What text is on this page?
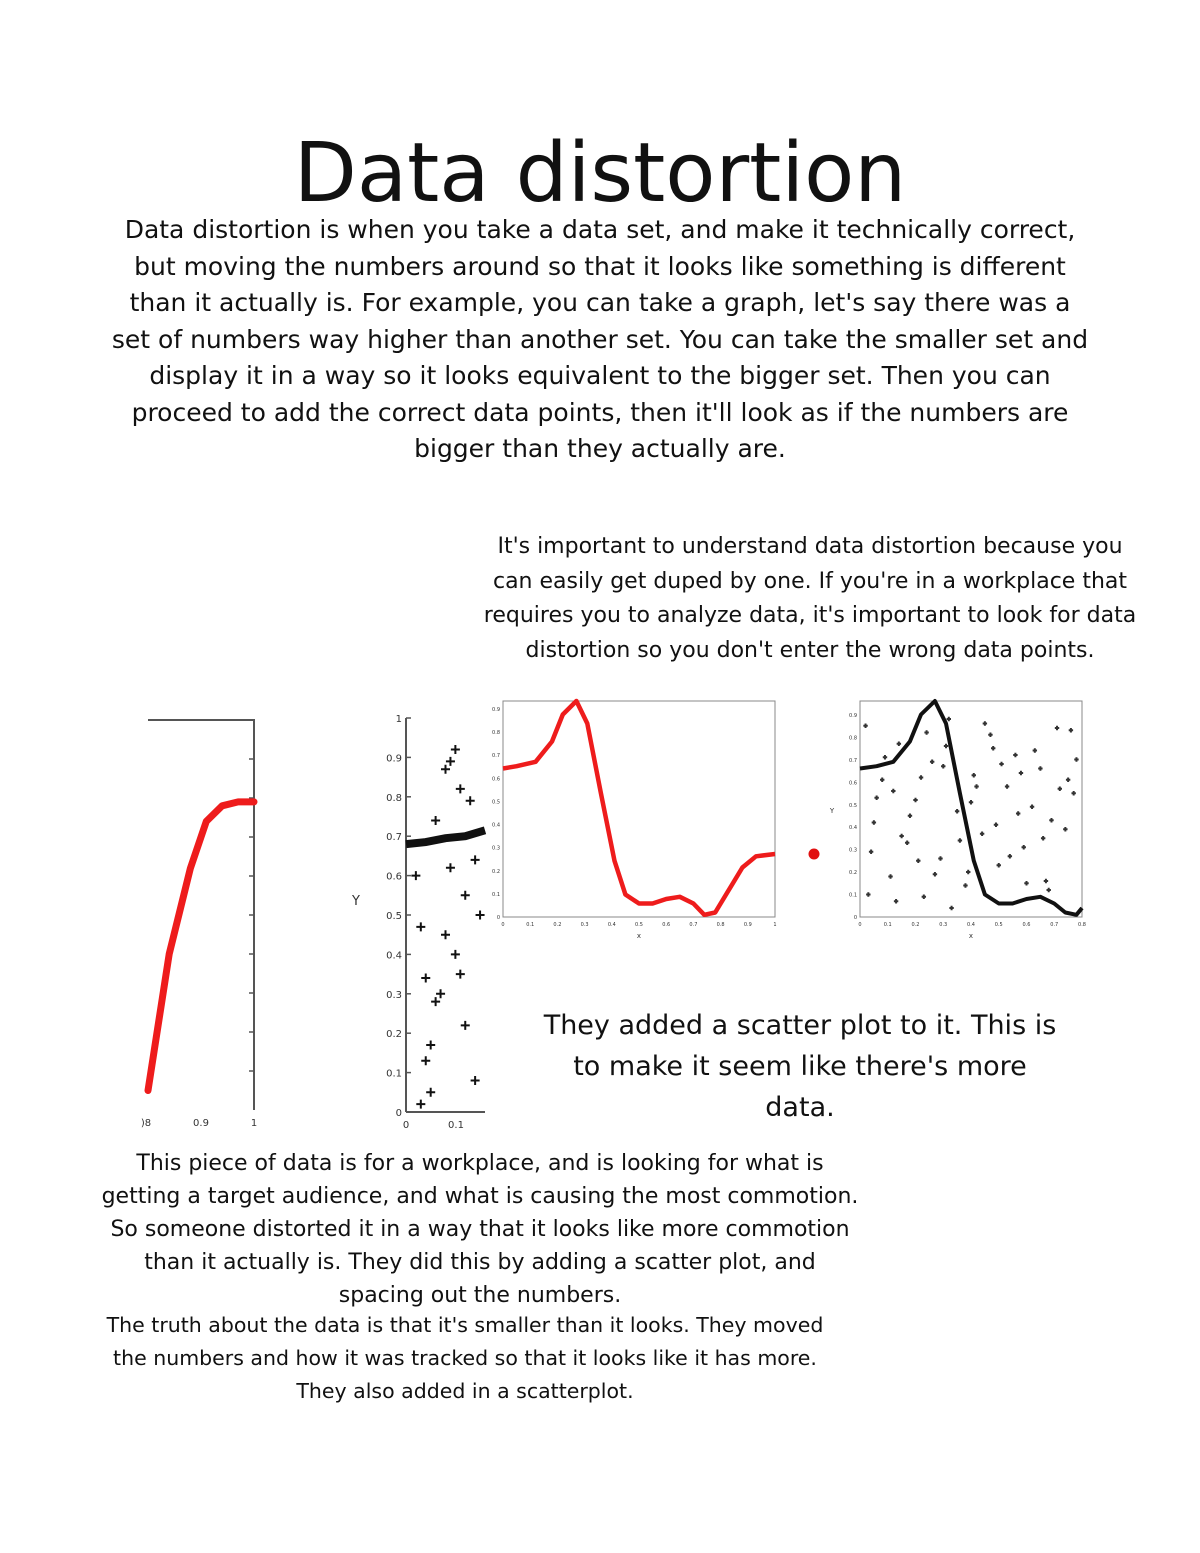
Data distortion

Data distortion is when you take a data set, and make it technically correct, but moving the numbers around so that it looks like something is different than it actually is. For example, you can take a graph, let's say there was a set of numbers way higher than another set. You can take the smaller set and display it in a way so it looks equivalent to the bigger set. Then you can proceed to add the correct data points, then it'll look as if the numbers are bigger than they actually are.

It's important to understand data distortion because you can easily get duped by one. If you're in a workplace that requires you to analyze data, it's important to look for data distortion so you don't enter the wrong data points.

)8	0.9	1
1
0.9
0.8
0.7
0.6
0.5
0.4
0.3
0.2
0.1
0
Y
0	0.1
0.9
0.8
0.7
0.6
0.5
0.4
0.3
0.2
0.1
0
0	0.1	0.2	0.3	0.4	0.5	0.6	0.7	0.8	0.9	1
x
0.9
0.8
0.7
0.6
0.5
0.4
0.3
0.2
0.1
0
Y
0	0.1	0.2	0.3	0.4	0.5	0.6	0.7	0.8
x

They added a scatter plot to it. This is to make it seem like there's more data.

This piece of data is for a workplace, and is looking for what is getting a target audience, and what is causing the most commotion. So someone distorted it in a way that it looks like more commotion than it actually is. They did this by adding a scatter plot, and spacing out the numbers.

The truth about the data is that it's smaller than it looks. They moved the numbers and how it was tracked so that it looks like it has more. They also added in a scatterplot.
